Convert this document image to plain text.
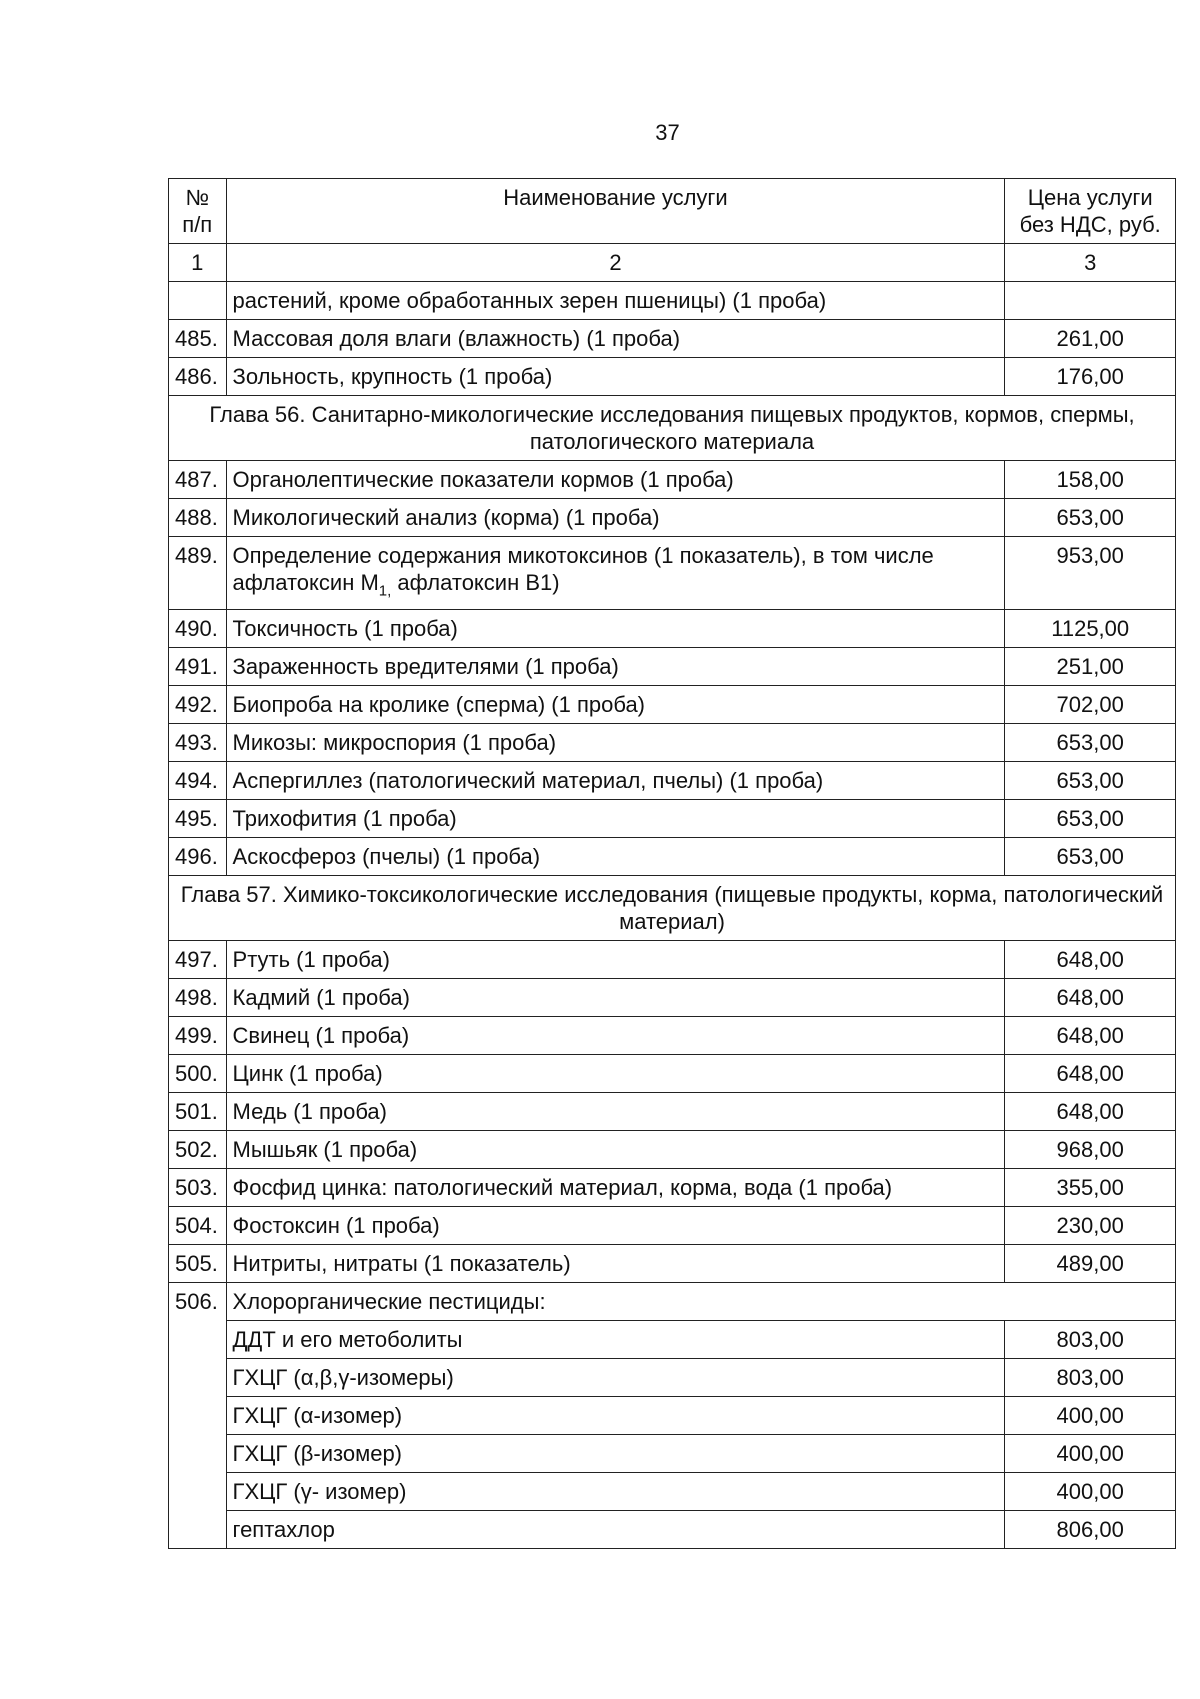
37
№ п/п	Наименование услуги	Цена услуги без НДС, руб.
1	2	3
	растений, кроме обработанных зерен пшеницы) (1 проба)	
485.	Массовая доля влаги (влажность) (1 проба)	261,00
486.	Зольность, крупность (1 проба)	176,00
Глава 56. Санитарно-микологические исследования пищевых продуктов, кормов, спермы, патологического материала		
487.	Органолептические показатели кормов (1 проба)	158,00
488.	Микологический анализ (корма) (1 проба)	653,00
489.	Определение содержания микотоксинов (1 показатель), в том числе афлатоксин $М_{1,}$ афлатоксин В1)	953,00
490.	Токсичность (1 проба)	1125,00
491.	Зараженность вредителями (1 проба)	251,00
492.	Биопроба на кролике (сперма) (1 проба)	702,00
493.	Микозы: микроспория (1 проба)	653,00
494.	Аспергиллез (патологический материал, пчелы) (1 проба)	653,00
495.	Трихофития (1 проба)	653,00
496.	Аскосфероз (пчелы) (1 проба)	653,00
Глава 57. Химико-токсикологические исследования (пищевые продукты, корма, патологический материал)		
497.	Ртуть (1 проба)	648,00
498.	Кадмий (1 проба)	648,00
499.	Свинец (1 проба)	648,00
500.	Цинк (1 проба)	648,00
501.	Медь (1 проба)	648,00
502.	Мышьяк (1 проба)	968,00
503.	Фосфид цинка: патологический материал, корма, вода (1 проба)	355,00
504.	Фостоксин (1 проба)	230,00
505.	Нитриты, нитраты (1 показатель)	489,00
506.	Хлорорганические пестициды:	
	ДДТ и его метоболиты	803,00
	ГХЦГ (α,β,γ-изомеры)	803,00
	ГХЦГ (α-изомер)	400,00
	ГХЦГ (β-изомер)	400,00
	ГХЦГ (γ- изомер)	400,00
	гептахлор	806,00
